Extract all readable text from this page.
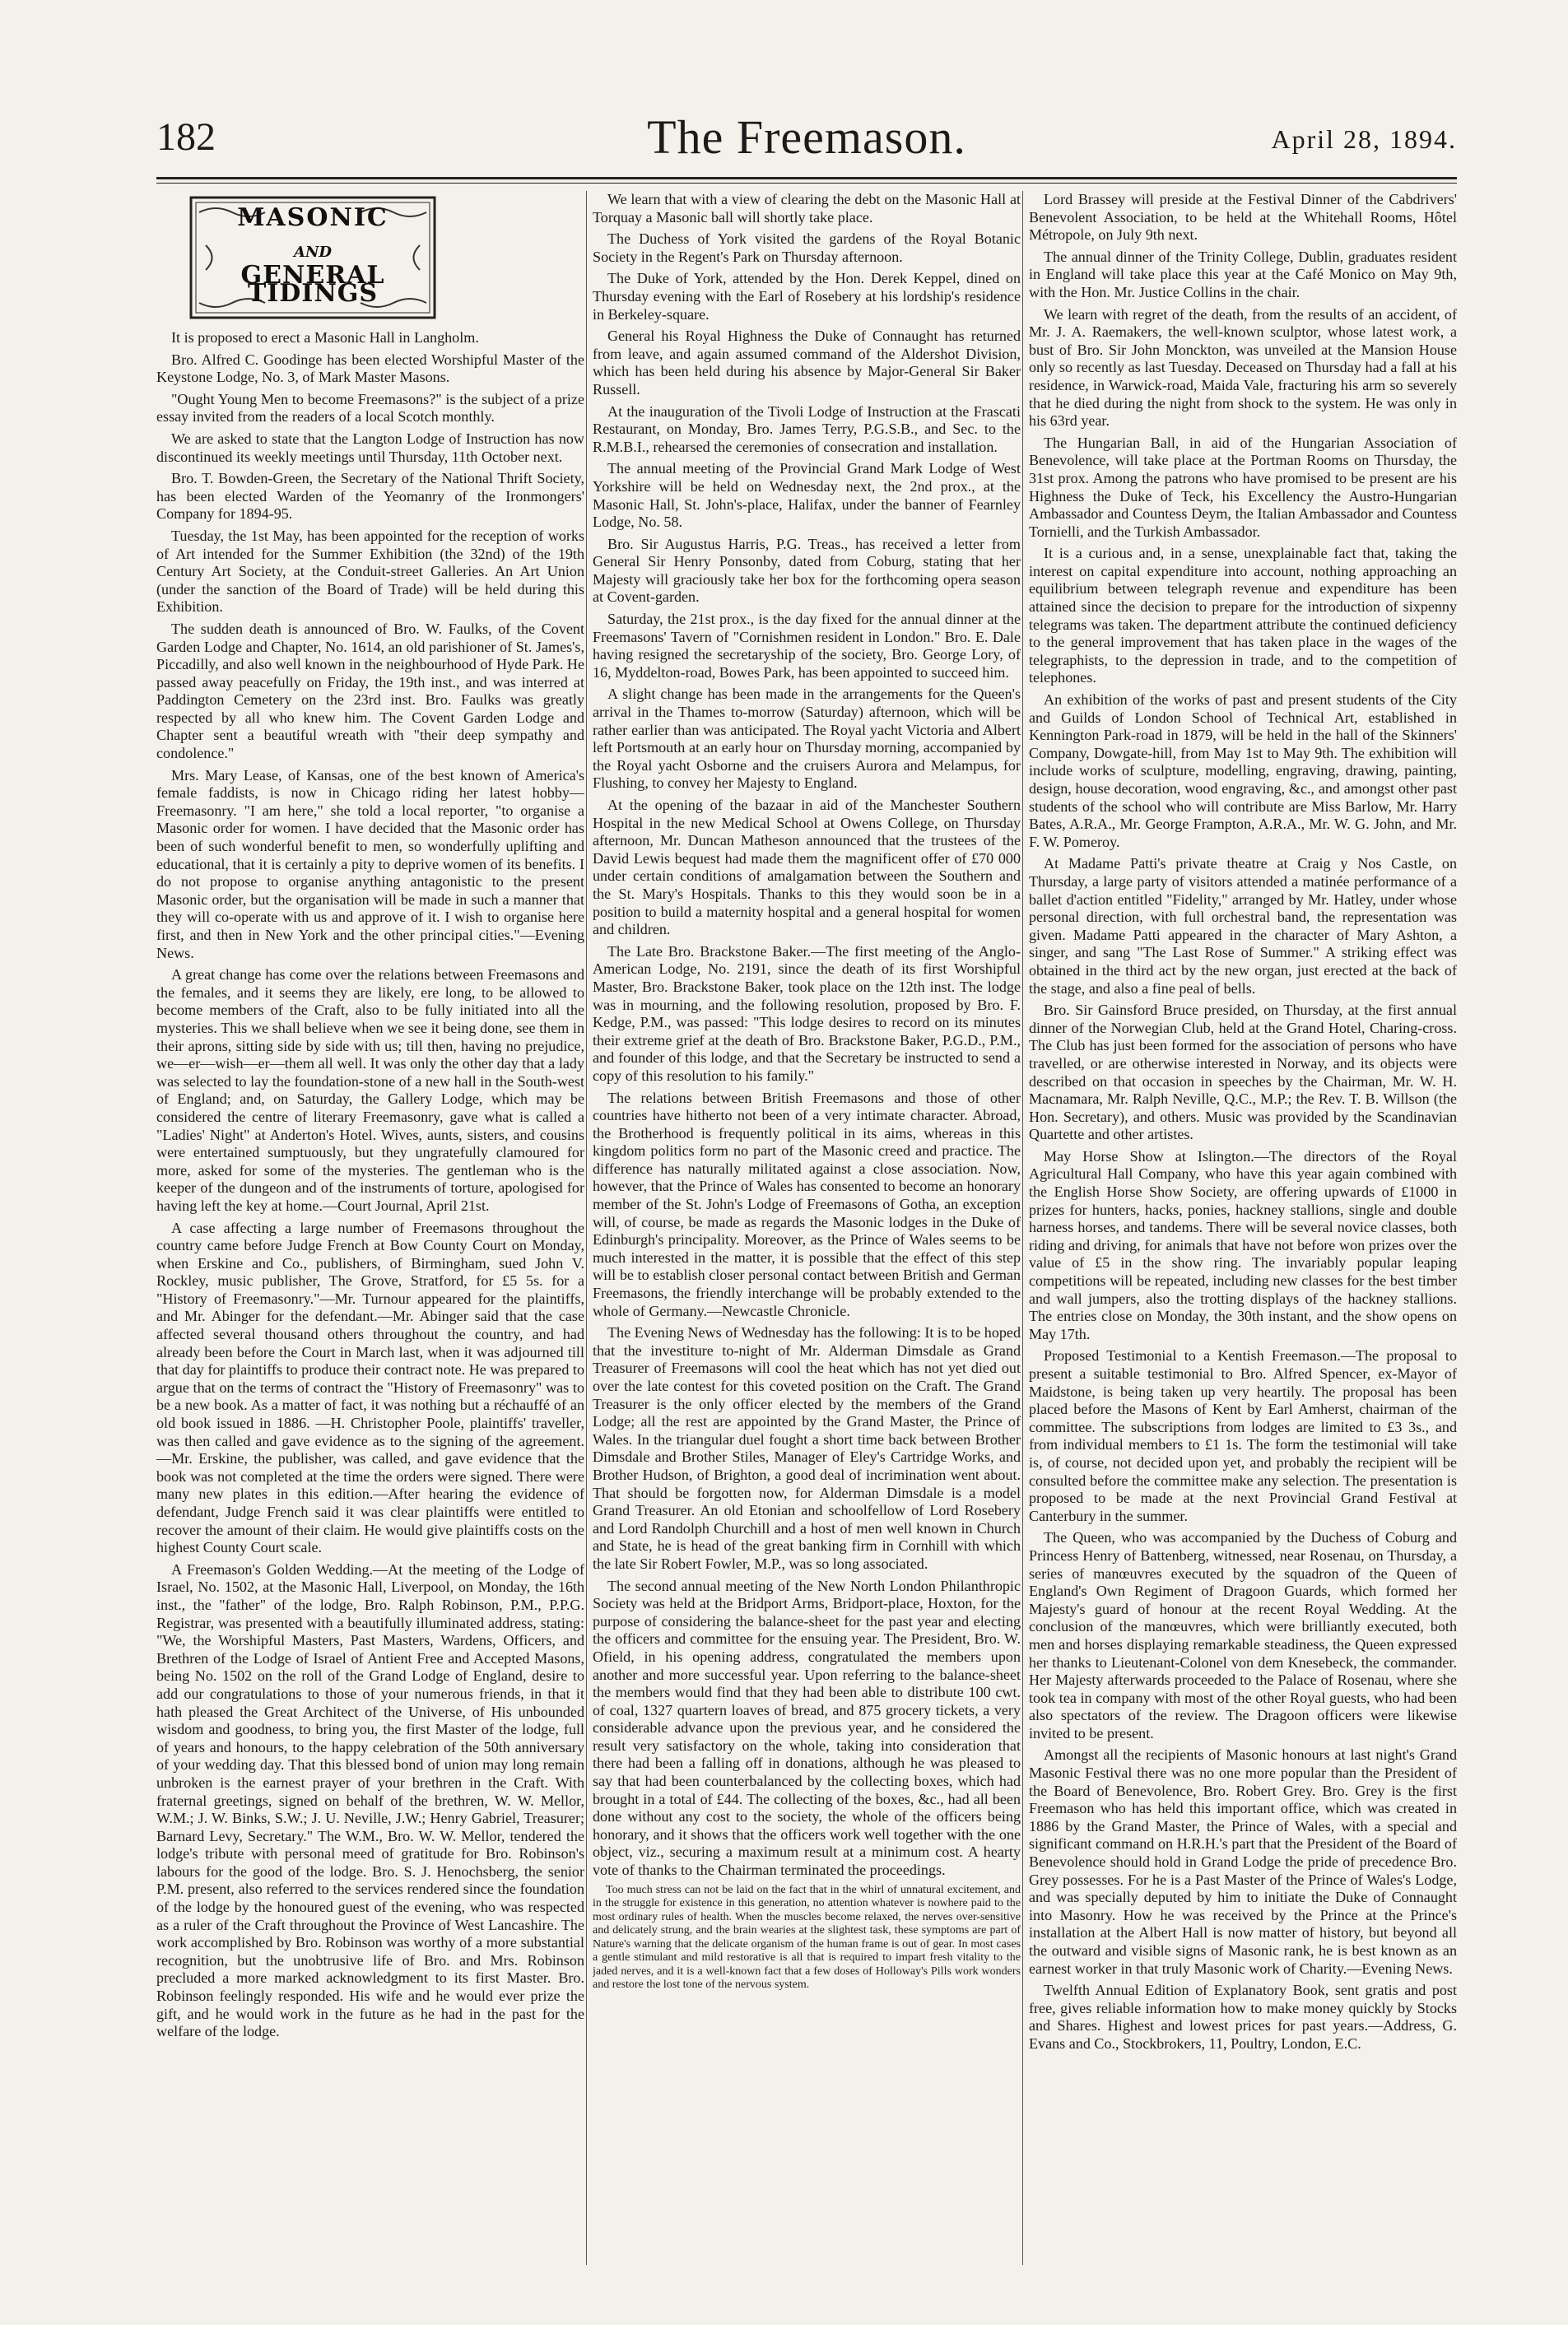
182	The Freemason.	April 28, 1894.
MASONIC
AND
GENERAL TIDINGS

It is proposed to erect a Masonic Hall in Langholm.

Bro. Alfred C. Goodinge has been elected Worshipful Master of the Keystone Lodge, No. 3, of Mark Master Masons.

"Ought Young Men to become Freemasons?" is the subject of a prize essay invited from the readers of a local Scotch monthly.

We are asked to state that the Langton Lodge of Instruction has now discontinued its weekly meetings until Thursday, 11th October next.

Bro. T. Bowden-Green, the Secretary of the National Thrift Society, has been elected Warden of the Yeomanry of the Ironmongers' Company for 1894-95.

Tuesday, the 1st May, has been appointed for the reception of works of Art intended for the Summer Exhibition (the 32nd) of the 19th Century Art Society, at the Conduit-street Galleries. An Art Union (under the sanction of the Board of Trade) will be held during this Exhibition.

The sudden death is announced of Bro. W. Faulks, of the Covent Garden Lodge and Chapter, No. 1614, an old parishioner of St. James's, Piccadilly, and also well known in the neighbourhood of Hyde Park. He passed away peacefully on Friday, the 19th inst., and was interred at Paddington Cemetery on the 23rd inst. Bro. Faulks was greatly respected by all who knew him. The Covent Garden Lodge and Chapter sent a beautiful wreath with "their deep sympathy and condolence."

Mrs. Mary Lease, of Kansas, one of the best known of America's female faddists, is now in Chicago riding her latest hobby—Freemasonry. "I am here," she told a local reporter, "to organise a Masonic order for women. I have decided that the Masonic order has been of such wonderful benefit to men, so wonderfully uplifting and educational, that it is certainly a pity to deprive women of its benefits. I do not propose to organise anything antagonistic to the present Masonic order, but the organisation will be made in such a manner that they will co-operate with us and approve of it. I wish to organise here first, and then in New York and the other principal cities."—Evening News.

A great change has come over the relations between Freemasons and the females, and it seems they are likely, ere long, to be allowed to become members of the Craft, also to be fully initiated into all the mysteries. This we shall believe when we see it being done, see them in their aprons, sitting side by side with us; till then, having no prejudice, we—er—wish—er—them all well. It was only the other day that a lady was selected to lay the foundation-stone of a new hall in the South-west of England; and, on Saturday, the Gallery Lodge, which may be considered the centre of literary Freemasonry, gave what is called a "Ladies' Night" at Anderton's Hotel. Wives, aunts, sisters, and cousins were entertained sumptuously, but they ungratefully clamoured for more, asked for some of the mysteries. The gentleman who is the keeper of the dungeon and of the instruments of torture, apologised for having left the key at home.—Court Journal, April 21st.

A case affecting a large number of Freemasons throughout the country came before Judge French at Bow County Court on Monday, when Erskine and Co., publishers, of Birmingham, sued John V. Rockley, music publisher, The Grove, Stratford, for £5 5s. for a "History of Freemasonry."—Mr. Turnour appeared for the plaintiffs, and Mr. Abinger for the defendant.—Mr. Abinger said that the case affected several thousand others throughout the country, and had already been before the Court in March last, when it was adjourned till that day for plaintiffs to produce their contract note. He was prepared to argue that on the terms of contract the "History of Freemasonry" was to be a new book. As a matter of fact, it was nothing but a réchauffé of an old book issued in 1886. —H. Christopher Poole, plaintiffs' traveller, was then called and gave evidence as to the signing of the agreement.—Mr. Erskine, the publisher, was called, and gave evidence that the book was not completed at the time the orders were signed. There were many new plates in this edition.—After hearing the evidence of defendant, Judge French said it was clear plaintiffs were entitled to recover the amount of their claim. He would give plaintiffs costs on the highest County Court scale.

A Freemason's Golden Wedding.—At the meeting of the Lodge of Israel, No. 1502, at the Masonic Hall, Liverpool, on Monday, the 16th inst., the "father" of the lodge, Bro. Ralph Robinson, P.M., P.P.G. Registrar, was presented with a beautifully illuminated address, stating: "We, the Worshipful Masters, Past Masters, Wardens, Officers, and Brethren of the Lodge of Israel of Antient Free and Accepted Masons, being No. 1502 on the roll of the Grand Lodge of England, desire to add our congratulations to those of your numerous friends, in that it hath pleased the Great Architect of the Universe, of His unbounded wisdom and goodness, to bring you, the first Master of the lodge, full of years and honours, to the happy celebration of the 50th anniversary of your wedding day. That this blessed bond of union may long remain unbroken is the earnest prayer of your brethren in the Craft. With fraternal greetings, signed on behalf of the brethren, W. W. Mellor, W.M.; J. W. Binks, S.W.; J. U. Neville, J.W.; Henry Gabriel, Treasurer; Barnard Levy, Secretary." The W.M., Bro. W. W. Mellor, tendered the lodge's tribute with personal meed of gratitude for Bro. Robinson's labours for the good of the lodge. Bro. S. J. Henochsberg, the senior P.M. present, also referred to the services rendered since the foundation of the lodge by the honoured guest of the evening, who was respected as a ruler of the Craft throughout the Province of West Lancashire. The work accomplished by Bro. Robinson was worthy of a more substantial recognition, but the unobtrusive life of Bro. and Mrs. Robinson precluded a more marked acknowledgment to its first Master. Bro. Robinson feelingly responded. His wife and he would ever prize the gift, and he would work in the future as he had in the past for the welfare of the lodge.

We learn that with a view of clearing the debt on the Masonic Hall at Torquay a Masonic ball will shortly take place.

The Duchess of York visited the gardens of the Royal Botanic Society in the Regent's Park on Thursday afternoon.

The Duke of York, attended by the Hon. Derek Keppel, dined on Thursday evening with the Earl of Rosebery at his lordship's residence in Berkeley-square.

General his Royal Highness the Duke of Connaught has returned from leave, and again assumed command of the Aldershot Division, which has been held during his absence by Major-General Sir Baker Russell.

At the inauguration of the Tivoli Lodge of Instruction at the Frascati Restaurant, on Monday, Bro. James Terry, P.G.S.B., and Sec. to the R.M.B.I., rehearsed the ceremonies of consecration and installation.

The annual meeting of the Provincial Grand Mark Lodge of West Yorkshire will be held on Wednesday next, the 2nd prox., at the Masonic Hall, St. John's-place, Halifax, under the banner of Fearnley Lodge, No. 58.

Bro. Sir Augustus Harris, P.G. Treas., has received a letter from General Sir Henry Ponsonby, dated from Coburg, stating that her Majesty will graciously take her box for the forthcoming opera season at Covent-garden.

Saturday, the 21st prox., is the day fixed for the annual dinner at the Freemasons' Tavern of "Cornishmen resident in London." Bro. E. Dale having resigned the secretaryship of the society, Bro. George Lory, of 16, Myddelton-road, Bowes Park, has been appointed to succeed him.

A slight change has been made in the arrangements for the Queen's arrival in the Thames to-morrow (Saturday) afternoon, which will be rather earlier than was anticipated. The Royal yacht Victoria and Albert left Portsmouth at an early hour on Thursday morning, accompanied by the Royal yacht Osborne and the cruisers Aurora and Melampus, for Flushing, to convey her Majesty to England.

At the opening of the bazaar in aid of the Manchester Southern Hospital in the new Medical School at Owens College, on Thursday afternoon, Mr. Duncan Matheson announced that the trustees of the David Lewis bequest had made them the magnificent offer of £70 000 under certain conditions of amalgamation between the Southern and the St. Mary's Hospitals. Thanks to this they would soon be in a position to build a maternity hospital and a general hospital for women and children.

The Late Bro. Brackstone Baker.—The first meeting of the Anglo-American Lodge, No. 2191, since the death of its first Worshipful Master, Bro. Brackstone Baker, took place on the 12th inst. The lodge was in mourning, and the following resolution, proposed by Bro. F. Kedge, P.M., was passed: "This lodge desires to record on its minutes their extreme grief at the death of Bro. Brackstone Baker, P.G.D., P.M., and founder of this lodge, and that the Secretary be instructed to send a copy of this resolution to his family."

The relations between British Freemasons and those of other countries have hitherto not been of a very intimate character. Abroad, the Brotherhood is frequently political in its aims, whereas in this kingdom politics form no part of the Masonic creed and practice. The difference has naturally militated against a close association. Now, however, that the Prince of Wales has consented to become an honorary member of the St. John's Lodge of Freemasons of Gotha, an exception will, of course, be made as regards the Masonic lodges in the Duke of Edinburgh's principality. Moreover, as the Prince of Wales seems to be much interested in the matter, it is possible that the effect of this step will be to establish closer personal contact between British and German Freemasons, the friendly interchange will be probably extended to the whole of Germany.—Newcastle Chronicle.

The Evening News of Wednesday has the following: It is to be hoped that the investiture to-night of Mr. Alderman Dimsdale as Grand Treasurer of Freemasons will cool the heat which has not yet died out over the late contest for this coveted position on the Craft. The Grand Treasurer is the only officer elected by the members of the Grand Lodge; all the rest are appointed by the Grand Master, the Prince of Wales. In the triangular duel fought a short time back between Brother Dimsdale and Brother Stiles, Manager of Eley's Cartridge Works, and Brother Hudson, of Brighton, a good deal of incrimination went about. That should be forgotten now, for Alderman Dimsdale is a model Grand Treasurer. An old Etonian and schoolfellow of Lord Rosebery and Lord Randolph Churchill and a host of men well known in Church and State, he is head of the great banking firm in Cornhill with which the late Sir Robert Fowler, M.P., was so long associated.

The second annual meeting of the New North London Philanthropic Society was held at the Bridport Arms, Bridport-place, Hoxton, for the purpose of considering the balance-sheet for the past year and electing the officers and committee for the ensuing year. The President, Bro. W. Ofield, in his opening address, congratulated the members upon another and more successful year. Upon referring to the balance-sheet the members would find that they had been able to distribute 100 cwt. of coal, 1327 quartern loaves of bread, and 875 grocery tickets, a very considerable advance upon the previous year, and he considered the result very satisfactory on the whole, taking into consideration that there had been a falling off in donations, although he was pleased to say that had been counterbalanced by the collecting boxes, which had brought in a total of £44. The collecting of the boxes, &c., had all been done without any cost to the society, the whole of the officers being honorary, and it shows that the officers work well together with the one object, viz., securing a maximum result at a minimum cost. A hearty vote of thanks to the Chairman terminated the proceedings.

Too much stress can not be laid on the fact that in the whirl of unnatural excitement, and in the struggle for existence in this generation, no attention whatever is nowhere paid to the most ordinary rules of health. When the muscles become relaxed, the nerves over-sensitive and delicately strung, and the brain wearies at the slightest task, these symptoms are part of Nature's warning that the delicate organism of the human frame is out of gear. In most cases a gentle stimulant and mild restorative is all that is required to impart fresh vitality to the jaded nerves, and it is a well-known fact that a few doses of Holloway's Pills work wonders and restore the lost tone of the nervous system.

Lord Brassey will preside at the Festival Dinner of the Cabdrivers' Benevolent Association, to be held at the Whitehall Rooms, Hôtel Métropole, on July 9th next.

The annual dinner of the Trinity College, Dublin, graduates resident in England will take place this year at the Café Monico on May 9th, with the Hon. Mr. Justice Collins in the chair.

We learn with regret of the death, from the results of an accident, of Mr. J. A. Raemakers, the well-known sculptor, whose latest work, a bust of Bro. Sir John Monckton, was unveiled at the Mansion House only so recently as last Tuesday. Deceased on Thursday had a fall at his residence, in Warwick-road, Maida Vale, fracturing his arm so severely that he died during the night from shock to the system. He was only in his 63rd year.

The Hungarian Ball, in aid of the Hungarian Association of Benevolence, will take place at the Portman Rooms on Thursday, the 31st prox. Among the patrons who have promised to be present are his Highness the Duke of Teck, his Excellency the Austro-Hungarian Ambassador and Countess Deym, the Italian Ambassador and Countess Tornielli, and the Turkish Ambassador.

It is a curious and, in a sense, unexplainable fact that, taking the interest on capital expenditure into account, nothing approaching an equilibrium between telegraph revenue and expenditure has been attained since the decision to prepare for the introduction of sixpenny telegrams was taken. The department attribute the continued deficiency to the general improvement that has taken place in the wages of the telegraphists, to the depression in trade, and to the competition of telephones.

An exhibition of the works of past and present students of the City and Guilds of London School of Technical Art, established in Kennington Park-road in 1879, will be held in the hall of the Skinners' Company, Dowgate-hill, from May 1st to May 9th. The exhibition will include works of sculpture, modelling, engraving, drawing, painting, design, house decoration, wood engraving, &c., and amongst other past students of the school who will contribute are Miss Barlow, Mr. Harry Bates, A.R.A., Mr. George Frampton, A.R.A., Mr. W. G. John, and Mr. F. W. Pomeroy.

At Madame Patti's private theatre at Craig y Nos Castle, on Thursday, a large party of visitors attended a matinée performance of a ballet d'action entitled "Fidelity," arranged by Mr. Hatley, under whose personal direction, with full orchestral band, the representation was given. Madame Patti appeared in the character of Mary Ashton, a singer, and sang "The Last Rose of Summer." A striking effect was obtained in the third act by the new organ, just erected at the back of the stage, and also a fine peal of bells.

Bro. Sir Gainsford Bruce presided, on Thursday, at the first annual dinner of the Norwegian Club, held at the Grand Hotel, Charing-cross. The Club has just been formed for the association of persons who have travelled, or are otherwise interested in Norway, and its objects were described on that occasion in speeches by the Chairman, Mr. W. H. Macnamara, Mr. Ralph Neville, Q.C., M.P.; the Rev. T. B. Willson (the Hon. Secretary), and others. Music was provided by the Scandinavian Quartette and other artistes.

May Horse Show at Islington.—The directors of the Royal Agricultural Hall Company, who have this year again combined with the English Horse Show Society, are offering upwards of £1000 in prizes for hunters, hacks, ponies, hackney stallions, single and double harness horses, and tandems. There will be several novice classes, both riding and driving, for animals that have not before won prizes over the value of £5 in the show ring. The invariably popular leaping competitions will be repeated, including new classes for the best timber and wall jumpers, also the trotting displays of the hackney stallions. The entries close on Monday, the 30th instant, and the show opens on May 17th.

Proposed Testimonial to a Kentish Freemason.—The proposal to present a suitable testimonial to Bro. Alfred Spencer, ex-Mayor of Maidstone, is being taken up very heartily. The proposal has been placed before the Masons of Kent by Earl Amherst, chairman of the committee. The subscriptions from lodges are limited to £3 3s., and from individual members to £1 1s. The form the testimonial will take is, of course, not decided upon yet, and probably the recipient will be consulted before the committee make any selection. The presentation is proposed to be made at the next Provincial Grand Festival at Canterbury in the summer.

The Queen, who was accompanied by the Duchess of Coburg and Princess Henry of Battenberg, witnessed, near Rosenau, on Thursday, a series of manœuvres executed by the squadron of the Queen of England's Own Regiment of Dragoon Guards, which formed her Majesty's guard of honour at the recent Royal Wedding. At the conclusion of the manœuvres, which were brilliantly executed, both men and horses displaying remarkable steadiness, the Queen expressed her thanks to Lieutenant-Colonel von dem Knesebeck, the commander. Her Majesty afterwards proceeded to the Palace of Rosenau, where she took tea in company with most of the other Royal guests, who had been also spectators of the review. The Dragoon officers were likewise invited to be present.

Amongst all the recipients of Masonic honours at last night's Grand Masonic Festival there was no one more popular than the President of the Board of Benevolence, Bro. Robert Grey. Bro. Grey is the first Freemason who has held this important office, which was created in 1886 by the Grand Master, the Prince of Wales, with a special and significant command on H.R.H.'s part that the President of the Board of Benevolence should hold in Grand Lodge the pride of precedence Bro. Grey possesses. For he is a Past Master of the Prince of Wales's Lodge, and was specially deputed by him to initiate the Duke of Connaught into Masonry. How he was received by the Prince at the Prince's installation at the Albert Hall is now matter of history, but beyond all the outward and visible signs of Masonic rank, he is best known as an earnest worker in that truly Masonic work of Charity.—Evening News.

Twelfth Annual Edition of Explanatory Book, sent gratis and post free, gives reliable information how to make money quickly by Stocks and Shares. Highest and lowest prices for past years.—Address, G. Evans and Co., Stockbrokers, 11, Poultry, London, E.C.
